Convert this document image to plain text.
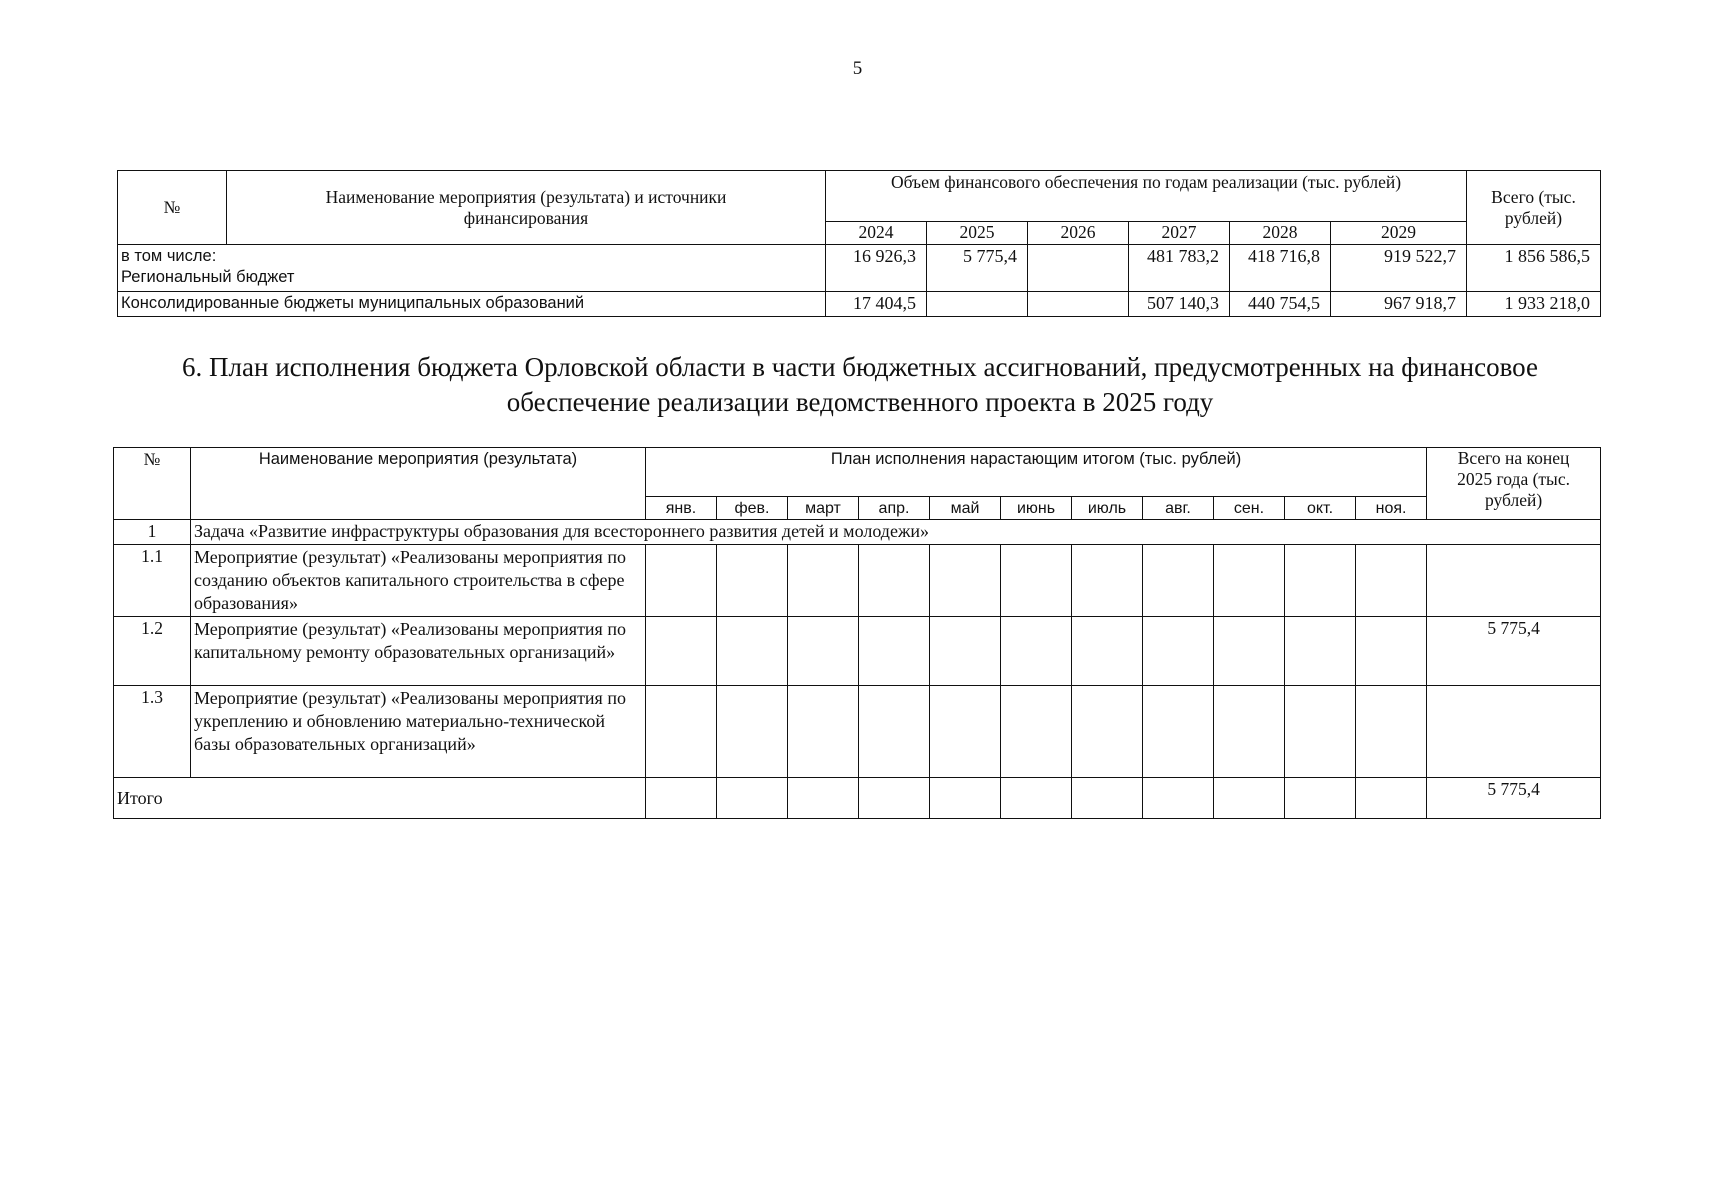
5
№	Наименование мероприятия (результата) и источники финансирования	Объем финансового обеспечения по годам реализации (тыс. рублей)						Всего (тыс. рублей)
		2024	2025	2026	2027	2028	2029	

в том числе:
Региональный бюджет		16 926,3	5 775,4		481 783,2	418 716,8	919 522,7	1 856 586,5
Консолидированные бюджеты муниципальных образований		17 404,5			507 140,3	440 754,5	967 918,7	1 933 218,0
6. План исполнения бюджета Орловской области в части бюджетных ассигнований, предусмотренных на финансовое обеспечение реализации ведомственного проекта в 2025 году
№	Наименование мероприятия (результата)	План исполнения нарастающим итогом (тыс. рублей)											Всего на конец 2025 года (тыс. рублей)
		янв.	фев.	март	апр.	май	июнь	июль	авг.	сен.	окт.	ноя.	
1	Задача «Развитие инфраструктуры образования для всестороннего развития детей и молодежи»												
1.1	Мероприятие (результат) «Реализованы мероприятия по созданию объектов капитального строительства в сфере образования»												
1.2	Мероприятие (результат) «Реализованы мероприятия по капитальному ремонту образовательных организаций»												5 775,4
1.3	Мероприятие (результат) «Реализованы мероприятия по укреплению и обновлению материально-технической базы образовательных организаций»												
Итого													5 775,4
